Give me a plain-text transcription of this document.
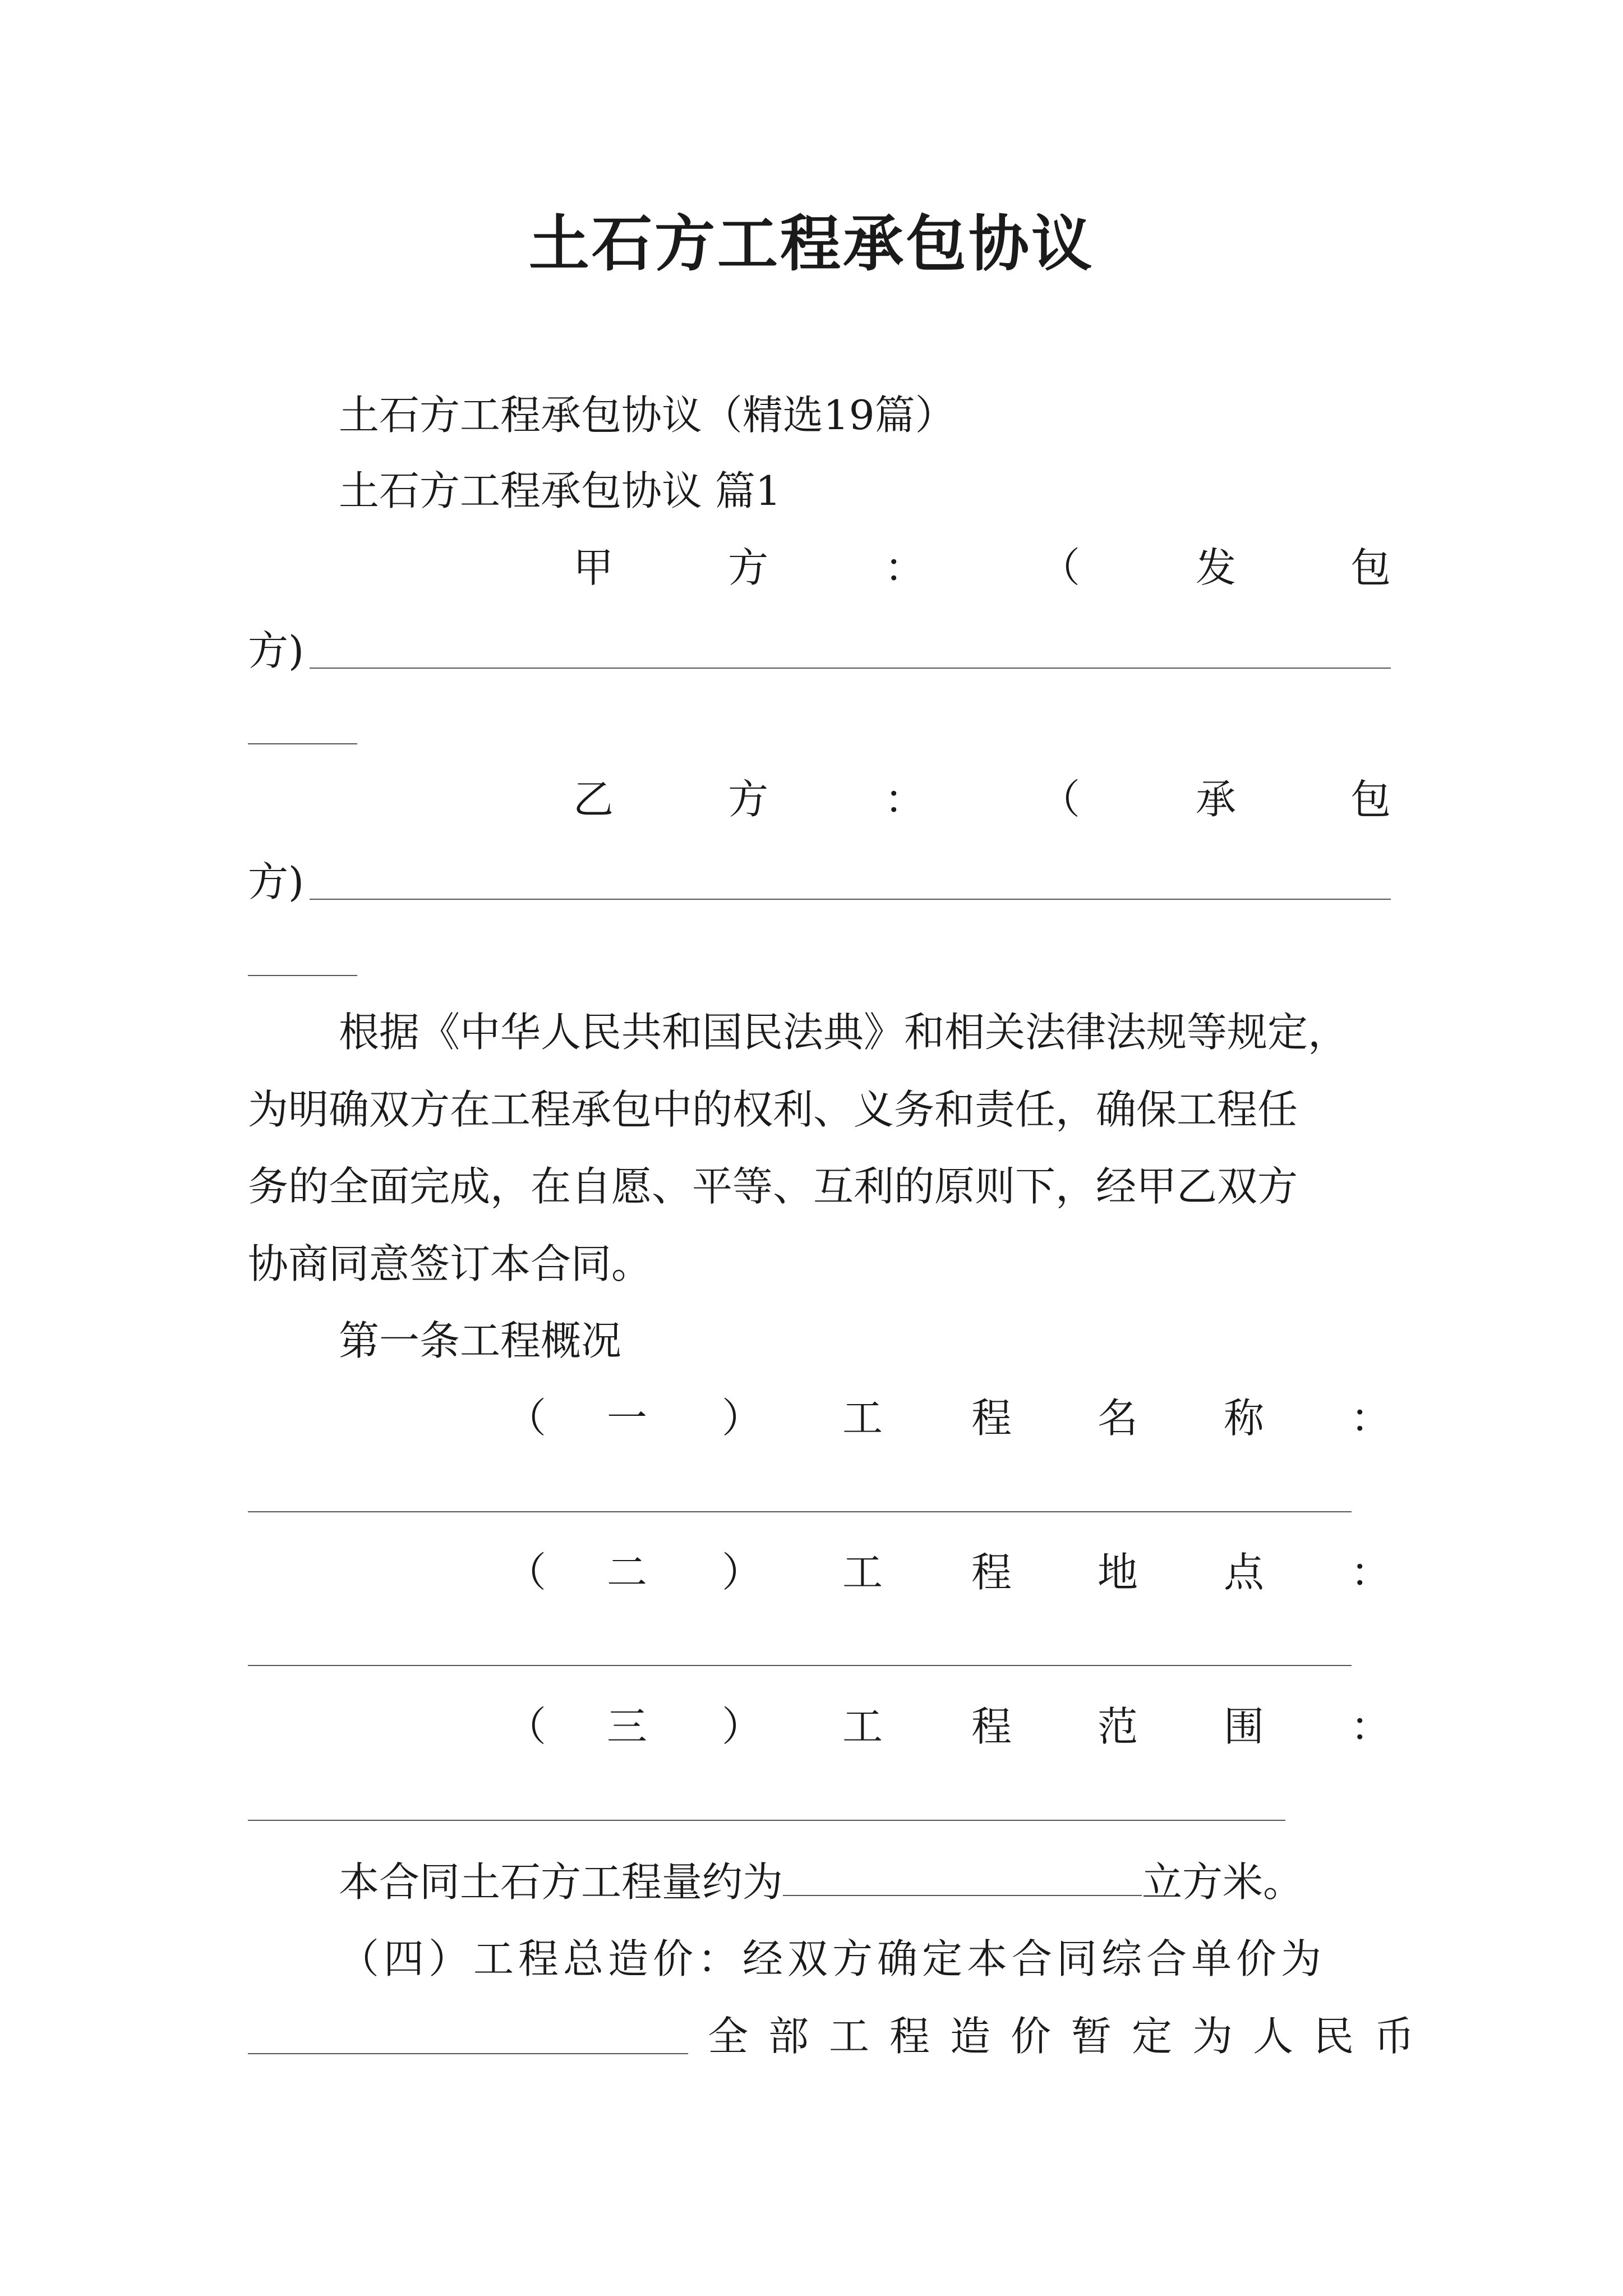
土石方工程承包协议
土石方工程承包协议（精选19篇）
土石方工程承包协议 篇1
甲	方	：	（	发	包
方)
乙	方	：	（	承	包
方)
根据《中华人民共和国民法典》和相关法律法规等规定，
为明确双方在工程承包中的权利、义务和责任，确保工程任
务的全面完成，在自愿、平等、互利的原则下，经甲乙双方
协商同意签订本合同。
第一条工程概况
（ 一 ） 工 程 名 称 ：
（ 二 ） 工 程 地 点 ：
（ 三 ） 工 程 范 围 ：
本合同土石方工程量约为	立方米。
（四）工程总造价：经双方确定本合同综合单价为
全部工程造价暂定为人民币
